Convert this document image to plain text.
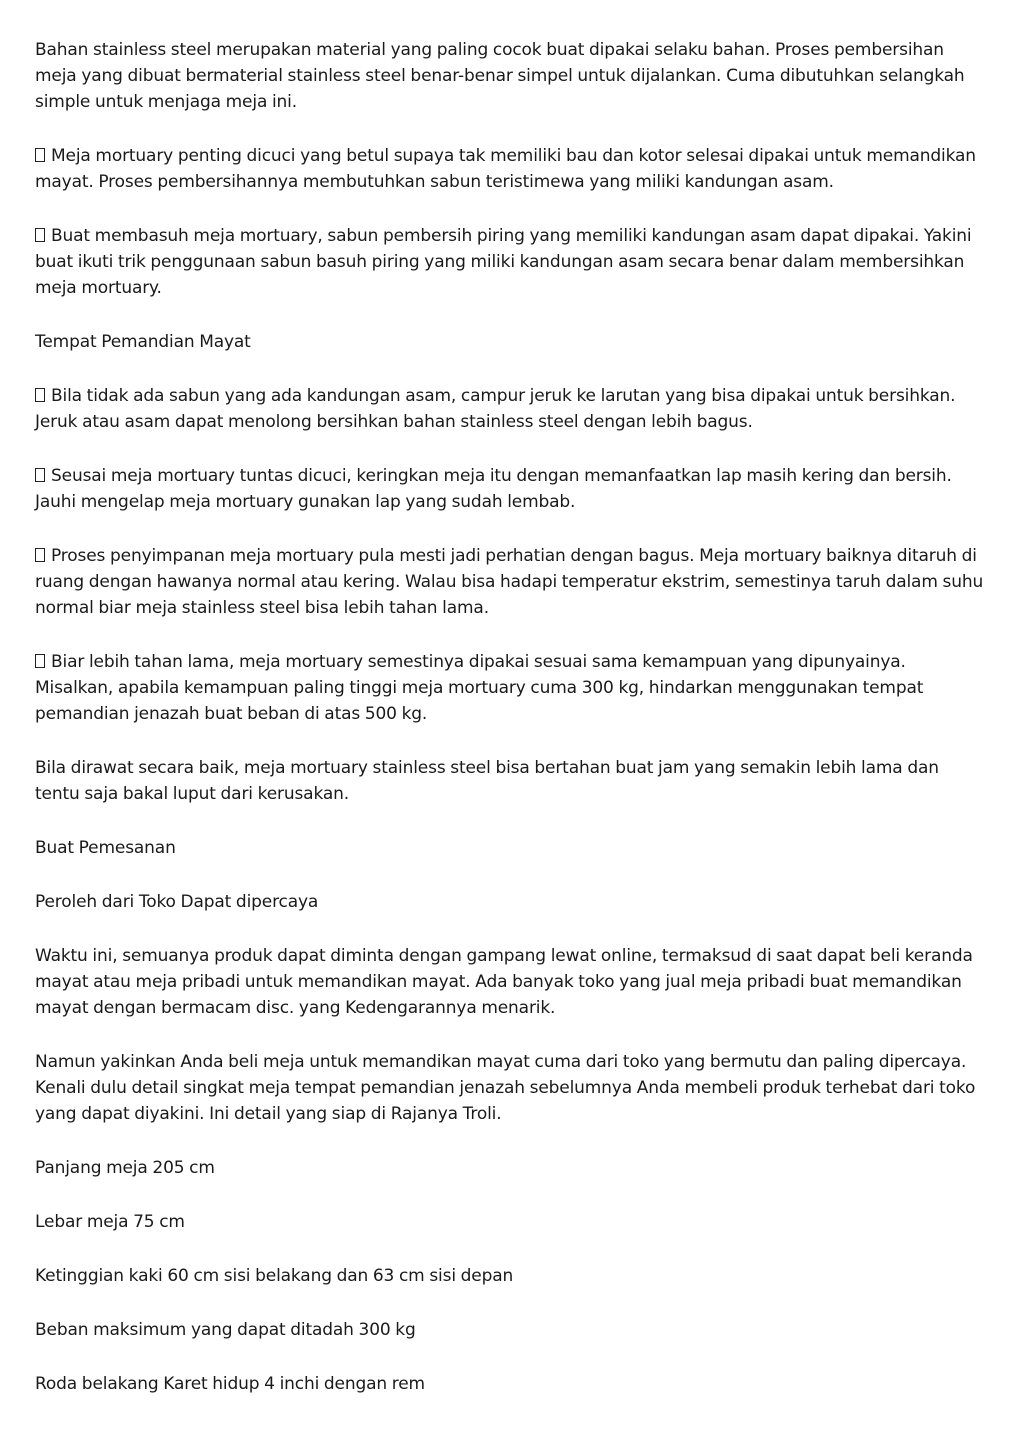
Bahan stainless steel merupakan material yang paling cocok buat dipakai selaku bahan. Proses pembersihan meja yang dibuat bermaterial stainless steel benar-benar simpel untuk dijalankan. Cuma dibutuhkan selangkah simple untuk menjaga meja ini.

Meja mortuary penting dicuci yang betul supaya tak memiliki bau dan kotor selesai dipakai untuk memandikan mayat. Proses pembersihannya membutuhkan sabun teristimewa yang miliki kandungan asam.

Buat membasuh meja mortuary, sabun pembersih piring yang memiliki kandungan asam dapat dipakai. Yakini buat ikuti trik penggunaan sabun basuh piring yang miliki kandungan asam secara benar dalam membersihkan meja mortuary.

Tempat Pemandian Mayat

Bila tidak ada sabun yang ada kandungan asam, campur jeruk ke larutan yang bisa dipakai untuk bersihkan. Jeruk atau asam dapat menolong bersihkan bahan stainless steel dengan lebih bagus.

Seusai meja mortuary tuntas dicuci, keringkan meja itu dengan memanfaatkan lap masih kering dan bersih. Jauhi mengelap meja mortuary gunakan lap yang sudah lembab.

Proses penyimpanan meja mortuary pula mesti jadi perhatian dengan bagus. Meja mortuary baiknya ditaruh di ruang dengan hawanya normal atau kering. Walau bisa hadapi temperatur ekstrim, semestinya taruh dalam suhu normal biar meja stainless steel bisa lebih tahan lama.

Biar lebih tahan lama, meja mortuary semestinya dipakai sesuai sama kemampuan yang dipunyainya. Misalkan, apabila kemampuan paling tinggi meja mortuary cuma 300 kg, hindarkan menggunakan tempat pemandian jenazah buat beban di atas 500 kg.

Bila dirawat secara baik, meja mortuary stainless steel bisa bertahan buat jam yang semakin lebih lama dan tentu saja bakal luput dari kerusakan.

Buat Pemesanan

Peroleh dari Toko Dapat dipercaya

Waktu ini, semuanya produk dapat diminta dengan gampang lewat online, termaksud di saat dapat beli keranda mayat atau meja pribadi untuk memandikan mayat. Ada banyak toko yang jual meja pribadi buat memandikan mayat dengan bermacam disc. yang Kedengarannya menarik.

Namun yakinkan Anda beli meja untuk memandikan mayat cuma dari toko yang bermutu dan paling dipercaya. Kenali dulu detail singkat meja tempat pemandian jenazah sebelumnya Anda membeli produk terhebat dari toko yang dapat diyakini. Ini detail yang siap di Rajanya Troli.

Panjang meja 205 cm

Lebar meja 75 cm

Ketinggian kaki 60 cm sisi belakang dan 63 cm sisi depan

Beban maksimum yang dapat ditadah 300 kg

Roda belakang Karet hidup 4 inchi dengan rem
